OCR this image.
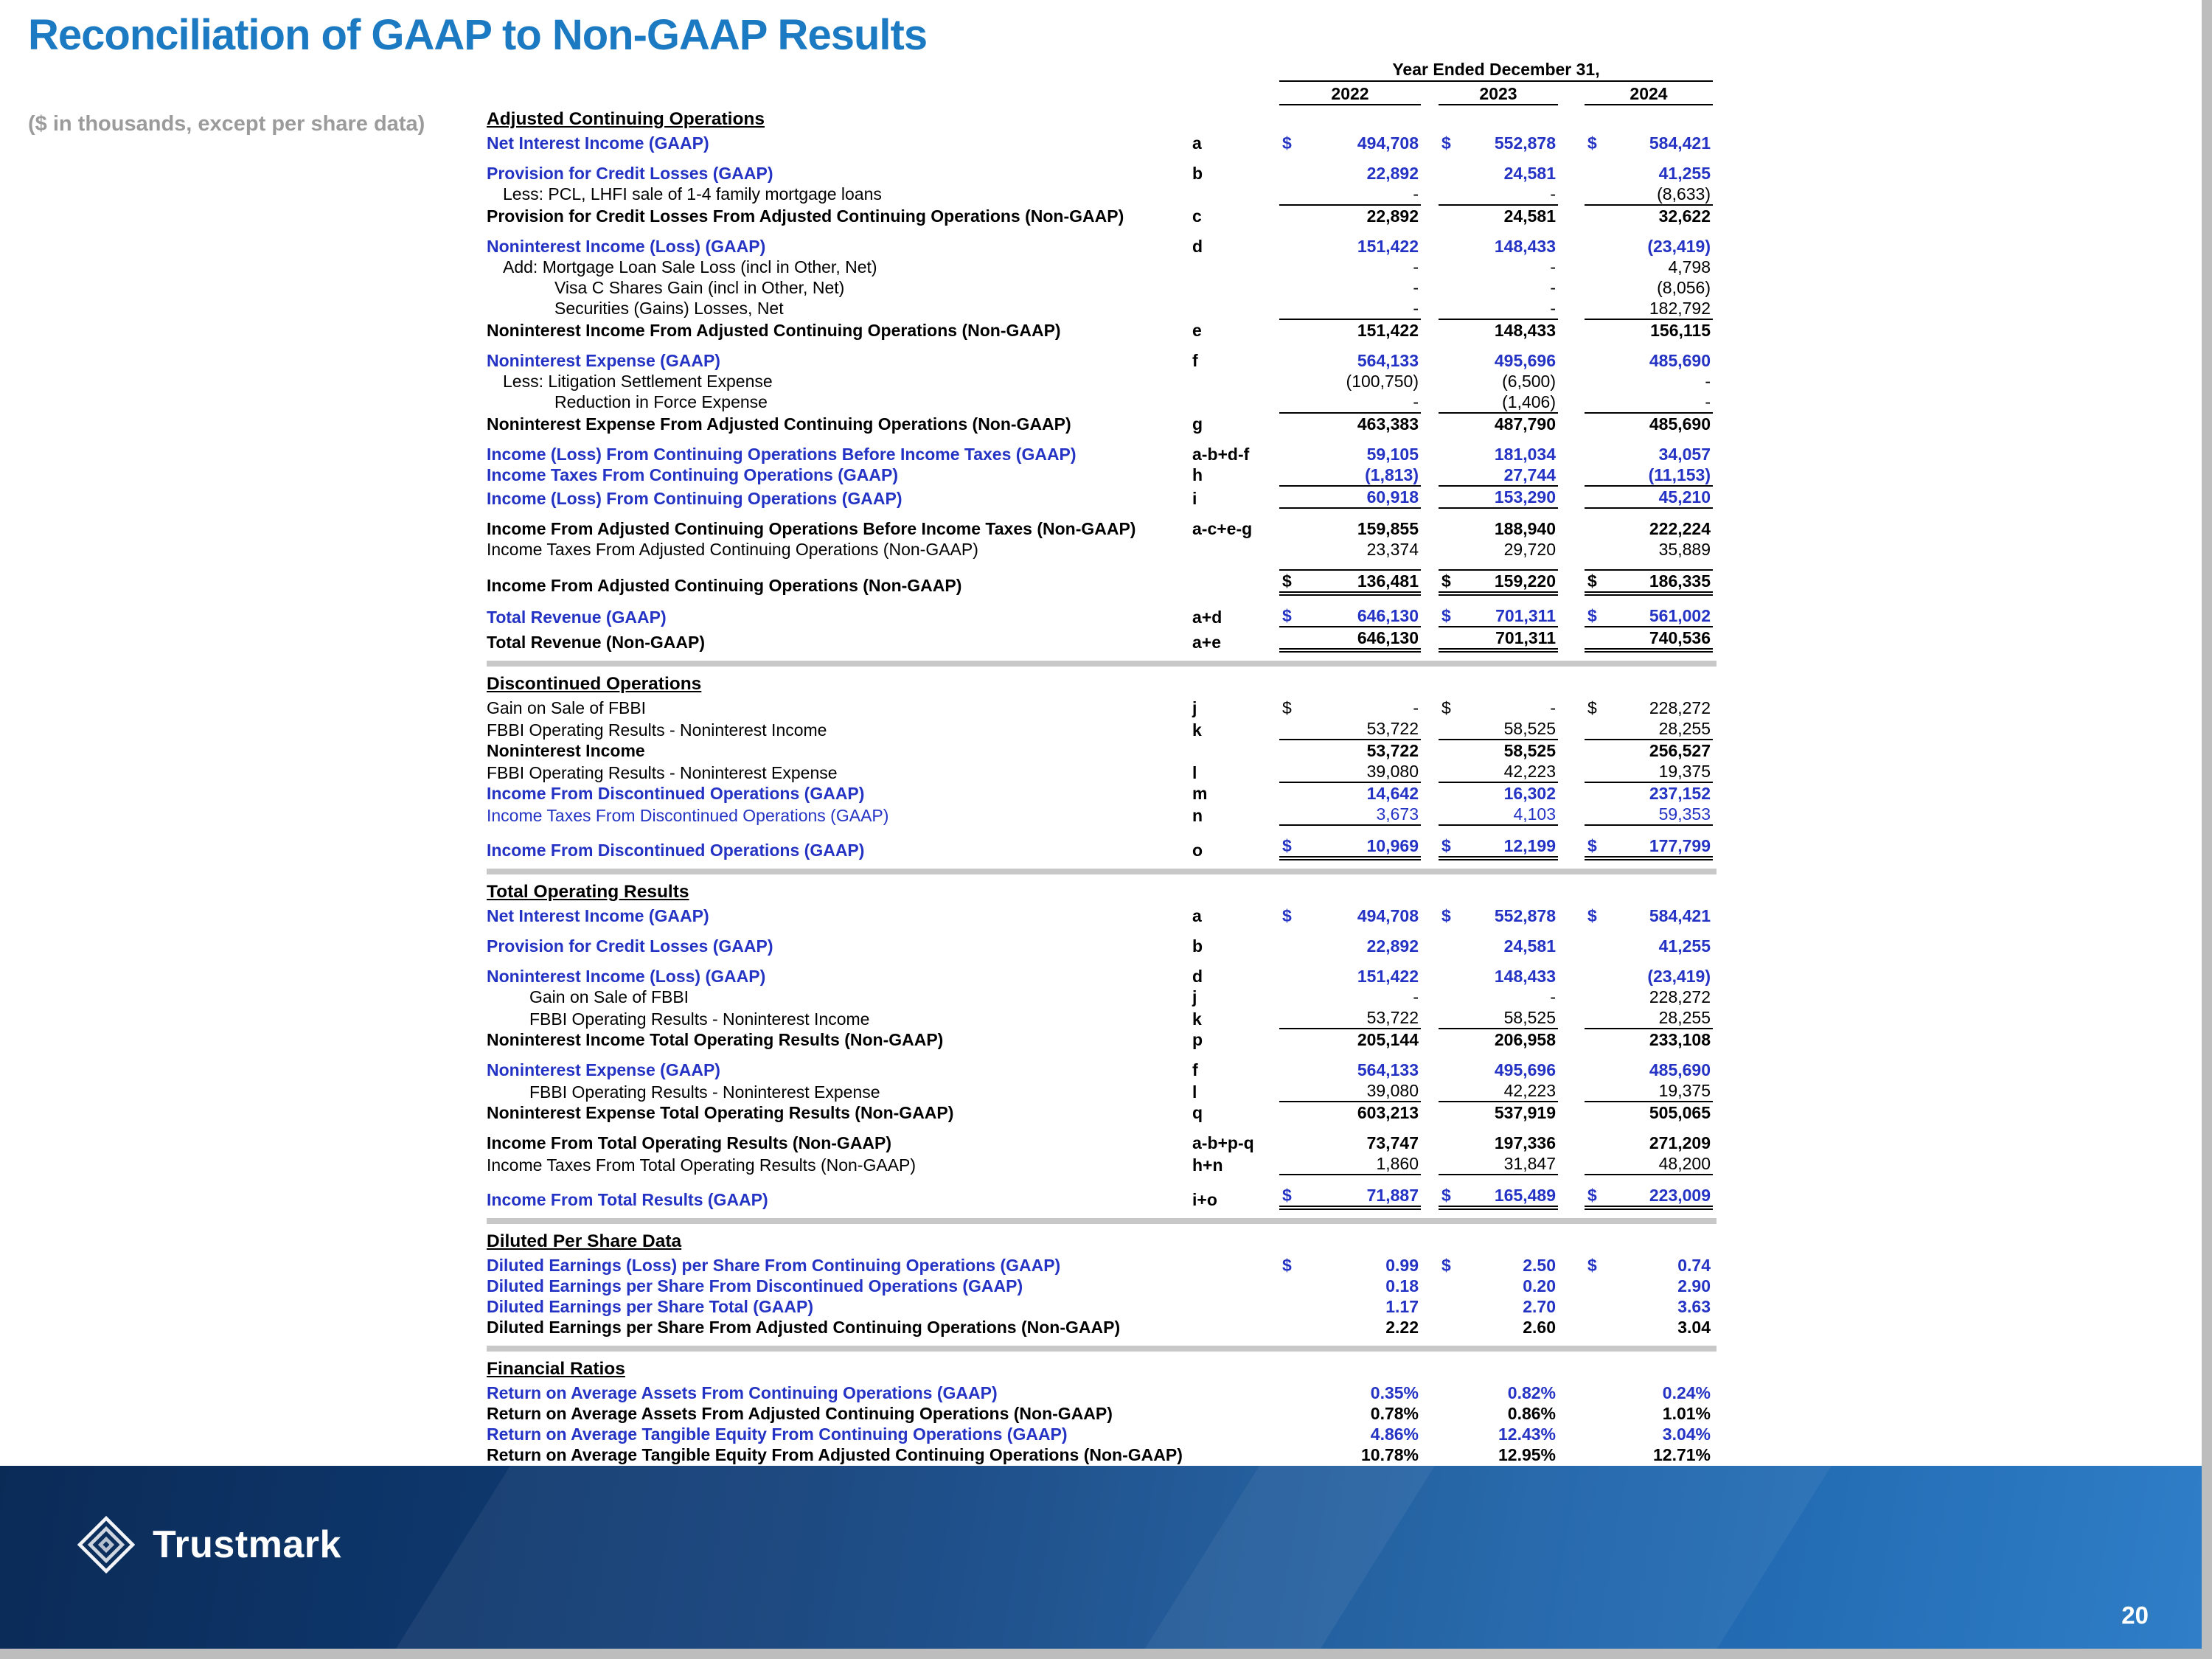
Reconciliation of GAAP to Non-GAAP Results
($ in thousands, except per share data)
Year Ended December 31,
2022	2023	2024
Adjusted Continuing Operations
Net Interest Income (GAAP)	a	$	494,708 $	552,878 $	584,421
Provision for Credit Losses (GAAP)	b	22,892	24,581	41,255
Less: PCL, LHFI sale of 1-4 family mortgage loans	-	-	(8,633)
Provision for Credit Losses From Adjusted Continuing Operations (Non-GAAP)	c	22,892	24,581	32,622
Noninterest Income (Loss) (GAAP)	d	151,422	148,433	(23,419)
Add: Mortgage Loan Sale Loss (incl in Other, Net)	-	-	4,798
Visa C Shares Gain (incl in Other, Net)	-	-	(8,056)
Securities (Gains) Losses, Net	-	-	182,792
Noninterest Income From Adjusted Continuing Operations (Non-GAAP)	e	151,422	148,433	156,115
Noninterest Expense (GAAP)	f	564,133	495,696	485,690
Less: Litigation Settlement Expense	(100,750)	(6,500)	-
Reduction in Force Expense	-	(1,406)	-
Noninterest Expense From Adjusted Continuing Operations (Non-GAAP)	g	463,383	487,790	485,690
Income (Loss) From Continuing Operations Before Income Taxes (GAAP)	a-b+d-f	59,105	181,034	34,057
Income Taxes From Continuing Operations (GAAP)	h	(1,813)	27,744	(11,153)
Income (Loss) From Continuing Operations (GAAP)	i	60,918	153,290	45,210
Income From Adjusted Continuing Operations Before Income Taxes (Non-GAAP)	a-c+e-g	159,855	188,940	222,224
Income Taxes From Adjusted Continuing Operations (Non-GAAP)	23,374	29,720	35,889
Income From Adjusted Continuing Operations (Non-GAAP)	$	136,481 $	159,220 $	186,335
Total Revenue (GAAP)	a+d	$	646,130 $	701,311 $	561,002
Total Revenue (Non-GAAP)	a+e	646,130	701,311	740,536
Discontinued Operations
Gain on Sale of FBBI	j	$	- $	- $	228,272
FBBI Operating Results - Noninterest Income	k	53,722	58,525	28,255
Noninterest Income	53,722	58,525	256,527
FBBI Operating Results - Noninterest Expense	l	39,080	42,223	19,375
Income From Discontinued Operations (GAAP)	m	14,642	16,302	237,152
Income Taxes From Discontinued Operations (GAAP)	n	3,673	4,103	59,353
Income From Discontinued Operations (GAAP)	o	$	10,969 $	12,199 $	177,799
Total Operating Results
Net Interest Income (GAAP)	a	$	494,708 $	552,878 $	584,421
Provision for Credit Losses (GAAP)	b	22,892	24,581	41,255
Noninterest Income (Loss) (GAAP)	d	151,422	148,433	(23,419)
Gain on Sale of FBBI	j	-	-	228,272
FBBI Operating Results - Noninterest Income	k	53,722	58,525	28,255
Noninterest Income Total Operating Results (Non-GAAP)	p	205,144	206,958	233,108
Noninterest Expense (GAAP)	f	564,133	495,696	485,690
FBBI Operating Results - Noninterest Expense	l	39,080	42,223	19,375
Noninterest Expense Total Operating Results (Non-GAAP)	q	603,213	537,919	505,065
Income From Total Operating Results (Non-GAAP)	a-b+p-q	73,747	197,336	271,209
Income Taxes From Total Operating Results (Non-GAAP)	h+n	1,860	31,847	48,200
Income From Total Results (GAAP)	i+o	$	71,887 $	165,489 $	223,009
Diluted Per Share Data
Diluted Earnings (Loss) per Share From Continuing Operations (GAAP)	$	0.99 $	2.50 $	0.74
Diluted Earnings per Share From Discontinued Operations (GAAP)	0.18	0.20	2.90
Diluted Earnings per Share Total (GAAP)	1.17	2.70	3.63
Diluted Earnings per Share From Adjusted Continuing Operations (Non-GAAP)	2.22	2.60	3.04
Financial Ratios
Return on Average Assets From Continuing Operations (GAAP)	0.35%	0.82%	0.24%
Return on Average Assets From Adjusted Continuing Operations (Non-GAAP)	0.78%	0.86%	1.01%
Return on Average Tangible Equity From Continuing Operations (GAAP)	4.86%	12.43%	3.04%
Return on Average Tangible Equity From Adjusted Continuing Operations (Non-GAAP)	10.78%	12.95%	12.71%
Trustmark
20
